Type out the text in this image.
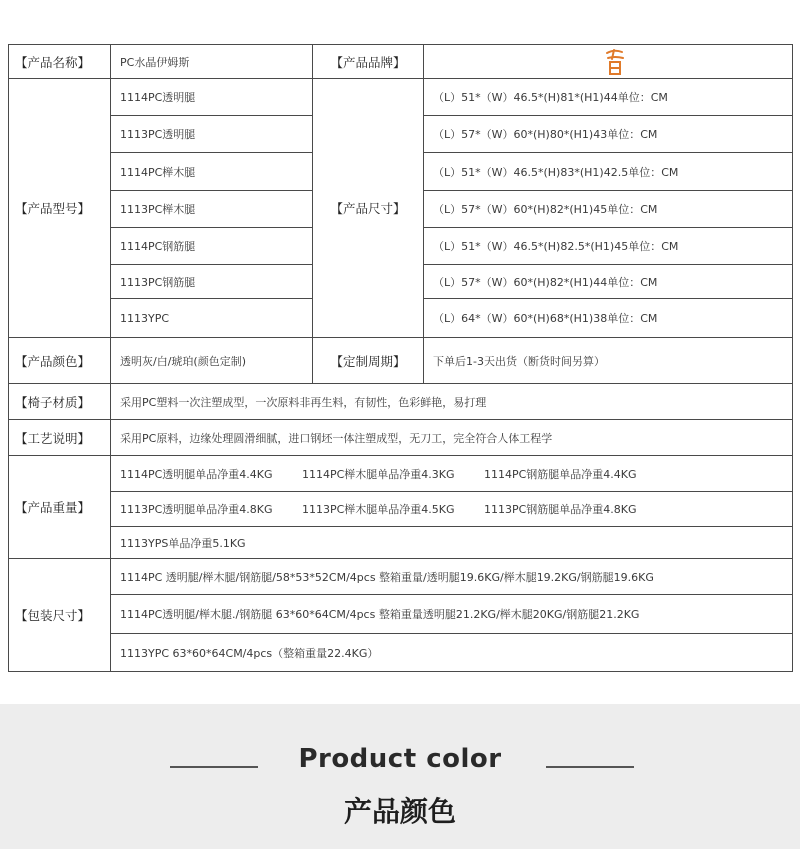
【产品名称】	PC水晶伊姆斯	【产品品牌】	

【产品型号】	1114PC透明腿	【产品尺寸】	（L）51*（W）46.5*(H)81*(H1)44单位：CM
	1113PC透明腿		（L）57*（W）60*(H)80*(H1)43单位：CM
	1114PC榉木腿		（L）51*（W）46.5*(H)83*(H1)42.5单位：CM
	1113PC榉木腿		（L）57*（W）60*(H)82*(H1)45单位：CM
	1114PC钢筋腿		（L）51*（W）46.5*(H)82.5*(H1)45单位：CM
	1113PC钢筋腿		（L）57*（W）60*(H)82*(H1)44单位：CM
	1113YPC		（L）64*（W）60*(H)68*(H1)38单位：CM
【产品颜色】	透明灰/白/琥珀(颜色定制)	【定制周期】	下单后1-3天出货（断货时间另算）
【椅子材质】	采用PC塑料一次注塑成型，一次原料非再生料，有韧性，色彩鲜艳，易打理		
【工艺说明】	采用PC原料，边缘处理圆滑细腻，进口钢坯一体注塑成型，无刀工，完全符合人体工程学		
【产品重量】	1114PC透明腿单品净重4.4KG 1114PC榉木腿单品净重4.3KG 1114PC钢筋腿单品净重4.4KG		
	1113PC透明腿单品净重4.8KG 1113PC榉木腿单品净重4.5KG 1113PC钢筋腿单品净重4.8KG		
	1113YPS单品净重5.1KG		
【包装尺寸】	1114PC 透明腿/榉木腿/钢筋腿/58*53*52CM/4pcs 整箱重量/透明腿19.6KG/榉木腿19.2KG/钢筋腿19.6KG		
	1114PC透明腿/榉木腿./钢筋腿 63*60*64CM/4pcs 整箱重量透明腿21.2KG/榉木腿20KG/钢筋腿21.2KG		
	1113YPC 63*60*64CM/4pcs（整箱重量22.4KG）		
Product color
产品颜色
